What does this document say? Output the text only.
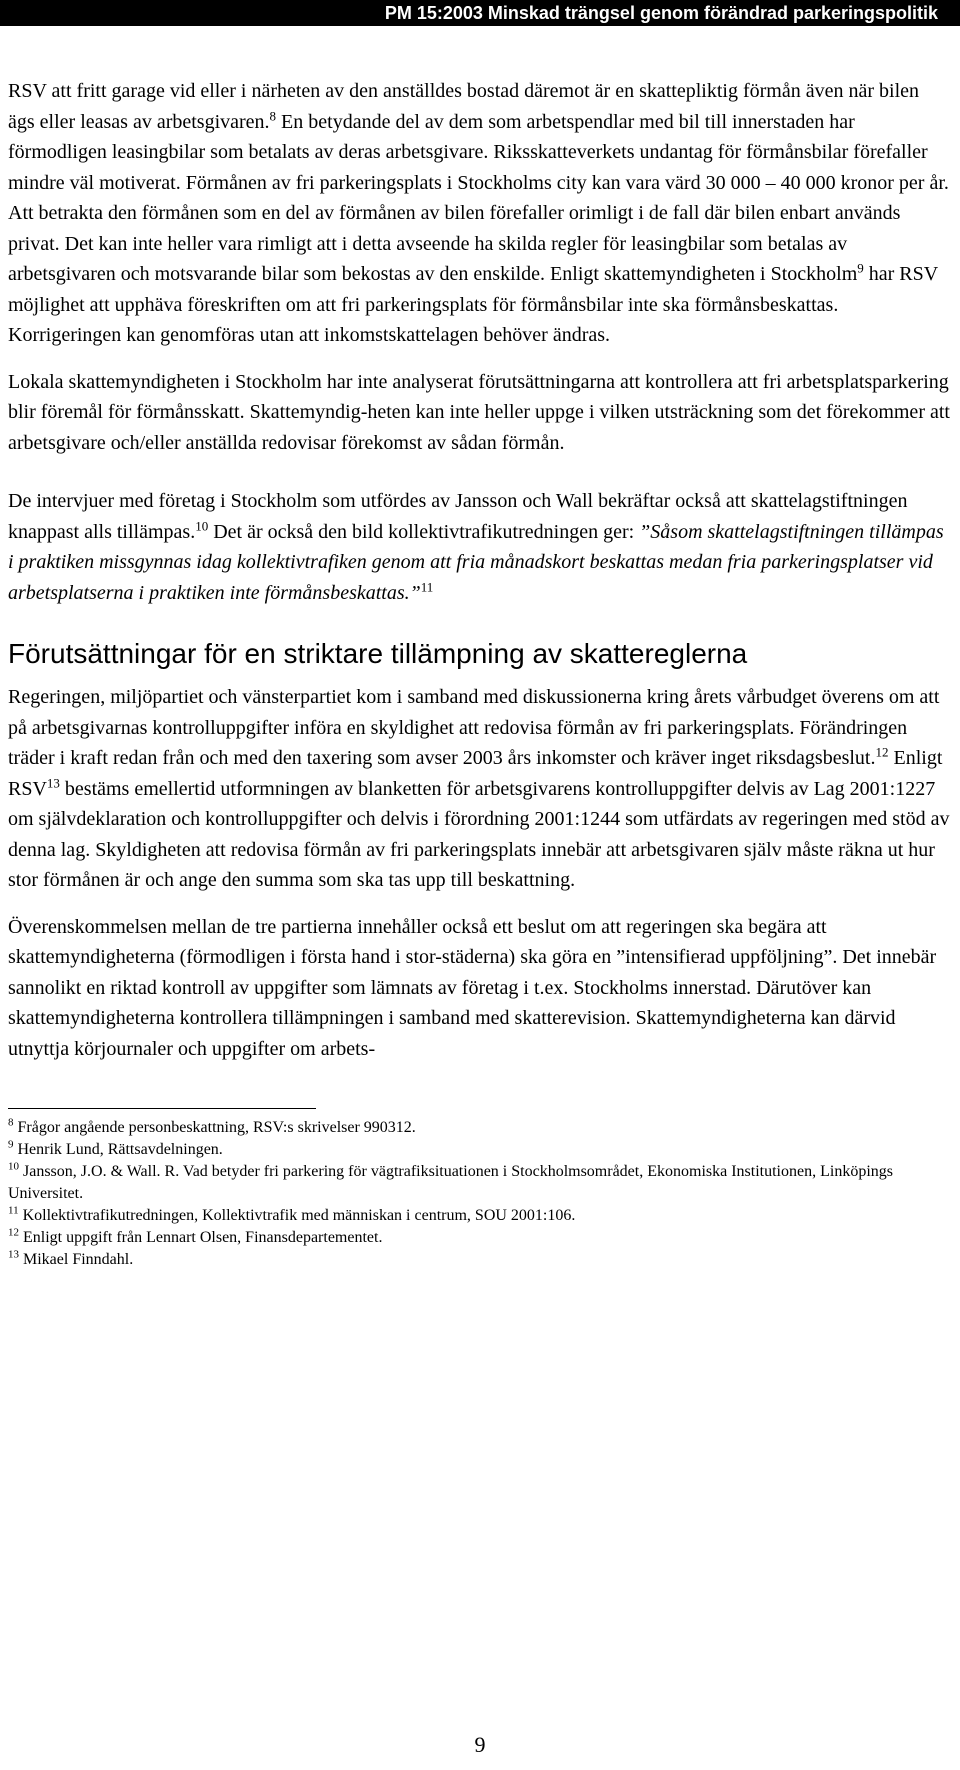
PM 15:2003 Minskad trängsel genom förändrad parkeringspolitik

RSV att fritt garage vid eller i närheten av den anställdes bostad däremot är en skattepliktig förmån även när bilen ägs eller leasas av arbetsgivaren.$^8$ En betydande del av dem som arbetspendlar med bil till innerstaden har förmodligen leasingbilar som betalats av deras arbetsgivare. Riksskatteverkets undantag för förmånsbilar förefaller mindre väl motiverat. Förmånen av fri parkeringsplats i Stockholms city kan vara värd 30 000 – 40 000 kronor per år. Att betrakta den förmånen som en del av förmånen av bilen förefaller orimligt i de fall där bilen enbart används privat. Det kan inte heller vara rimligt att i detta avseende ha skilda regler för leasingbilar som betalas av arbetsgivaren och motsvarande bilar som bekostas av den enskilde. Enligt skattemyndigheten i Stockholm$^9$ har RSV möjlighet att upphäva föreskriften om att fri parkeringsplats för förmånsbilar inte ska förmånsbeskattas. Korrigeringen kan genomföras utan att inkomstskattelagen behöver ändras.

Lokala skattemyndigheten i Stockholm har inte analyserat förutsättningarna att kontrollera att fri arbetsplatsparkering blir föremål för förmånsskatt. Skattemyndig-heten kan inte heller uppge i vilken utsträckning som det förekommer att arbetsgivare och/eller anställda redovisar förekomst av sådan förmån.

De intervjuer med företag i Stockholm som utfördes av Jansson och Wall bekräftar också att skattelagstiftningen knappast alls tillämpas.$^{10}$ Det är också den bild kollektivtrafikutredningen ger: ”Såsom skattelagstiftningen tillämpas i praktiken missgynnas idag kollektivtrafiken genom att fria månadskort beskattas medan fria parkeringsplatser vid arbetsplatserna i praktiken inte förmånsbeskattas.”$^{11}$

Förutsättningar för en striktare tillämpning av skattereglerna

Regeringen, miljöpartiet och vänsterpartiet kom i samband med diskussionerna kring årets vårbudget överens om att på arbetsgivarnas kontrolluppgifter införa en skyldighet att redovisa förmån av fri parkeringsplats. Förändringen träder i kraft redan från och med den taxering som avser 2003 års inkomster och kräver inget riksdagsbeslut.$^{12}$ Enligt RSV$^{13}$ bestäms emellertid utformningen av blanketten för arbetsgivarens kontrolluppgifter delvis av Lag 2001:1227 om självdeklaration och kontrolluppgifter och delvis i förordning 2001:1244 som utfärdats av regeringen med stöd av denna lag. Skyldigheten att redovisa förmån av fri parkeringsplats innebär att arbetsgivaren själv måste räkna ut hur stor förmånen är och ange den summa som ska tas upp till beskattning.

Överenskommelsen mellan de tre partierna innehåller också ett beslut om att regeringen ska begära att skattemyndigheterna (förmodligen i första hand i stor-städerna) ska göra en ”intensifierad uppföljning”. Det innebär sannolikt en riktad kontroll av uppgifter som lämnats av företag i t.ex. Stockholms innerstad. Därutöver kan skattemyndigheterna kontrollera tillämpningen i samband med skatterevision. Skattemyndigheterna kan därvid utnyttja körjournaler och uppgifter om arbets-

$^8$ Frågor angående personbeskattning, RSV:s skrivelser 990312.

$^9$ Henrik Lund, Rättsavdelningen.

$^{10}$ Jansson, J.O. & Wall. R. Vad betyder fri parkering för vägtrafiksituationen i Stockholmsområdet, Ekonomiska Institutionen, Linköpings Universitet.

$^{11}$ Kollektivtrafikutredningen, Kollektivtrafik med människan i centrum, SOU 2001:106.

$^{12}$ Enligt uppgift från Lennart Olsen, Finansdepartementet.

$^{13}$ Mikael Finndahl.

9
